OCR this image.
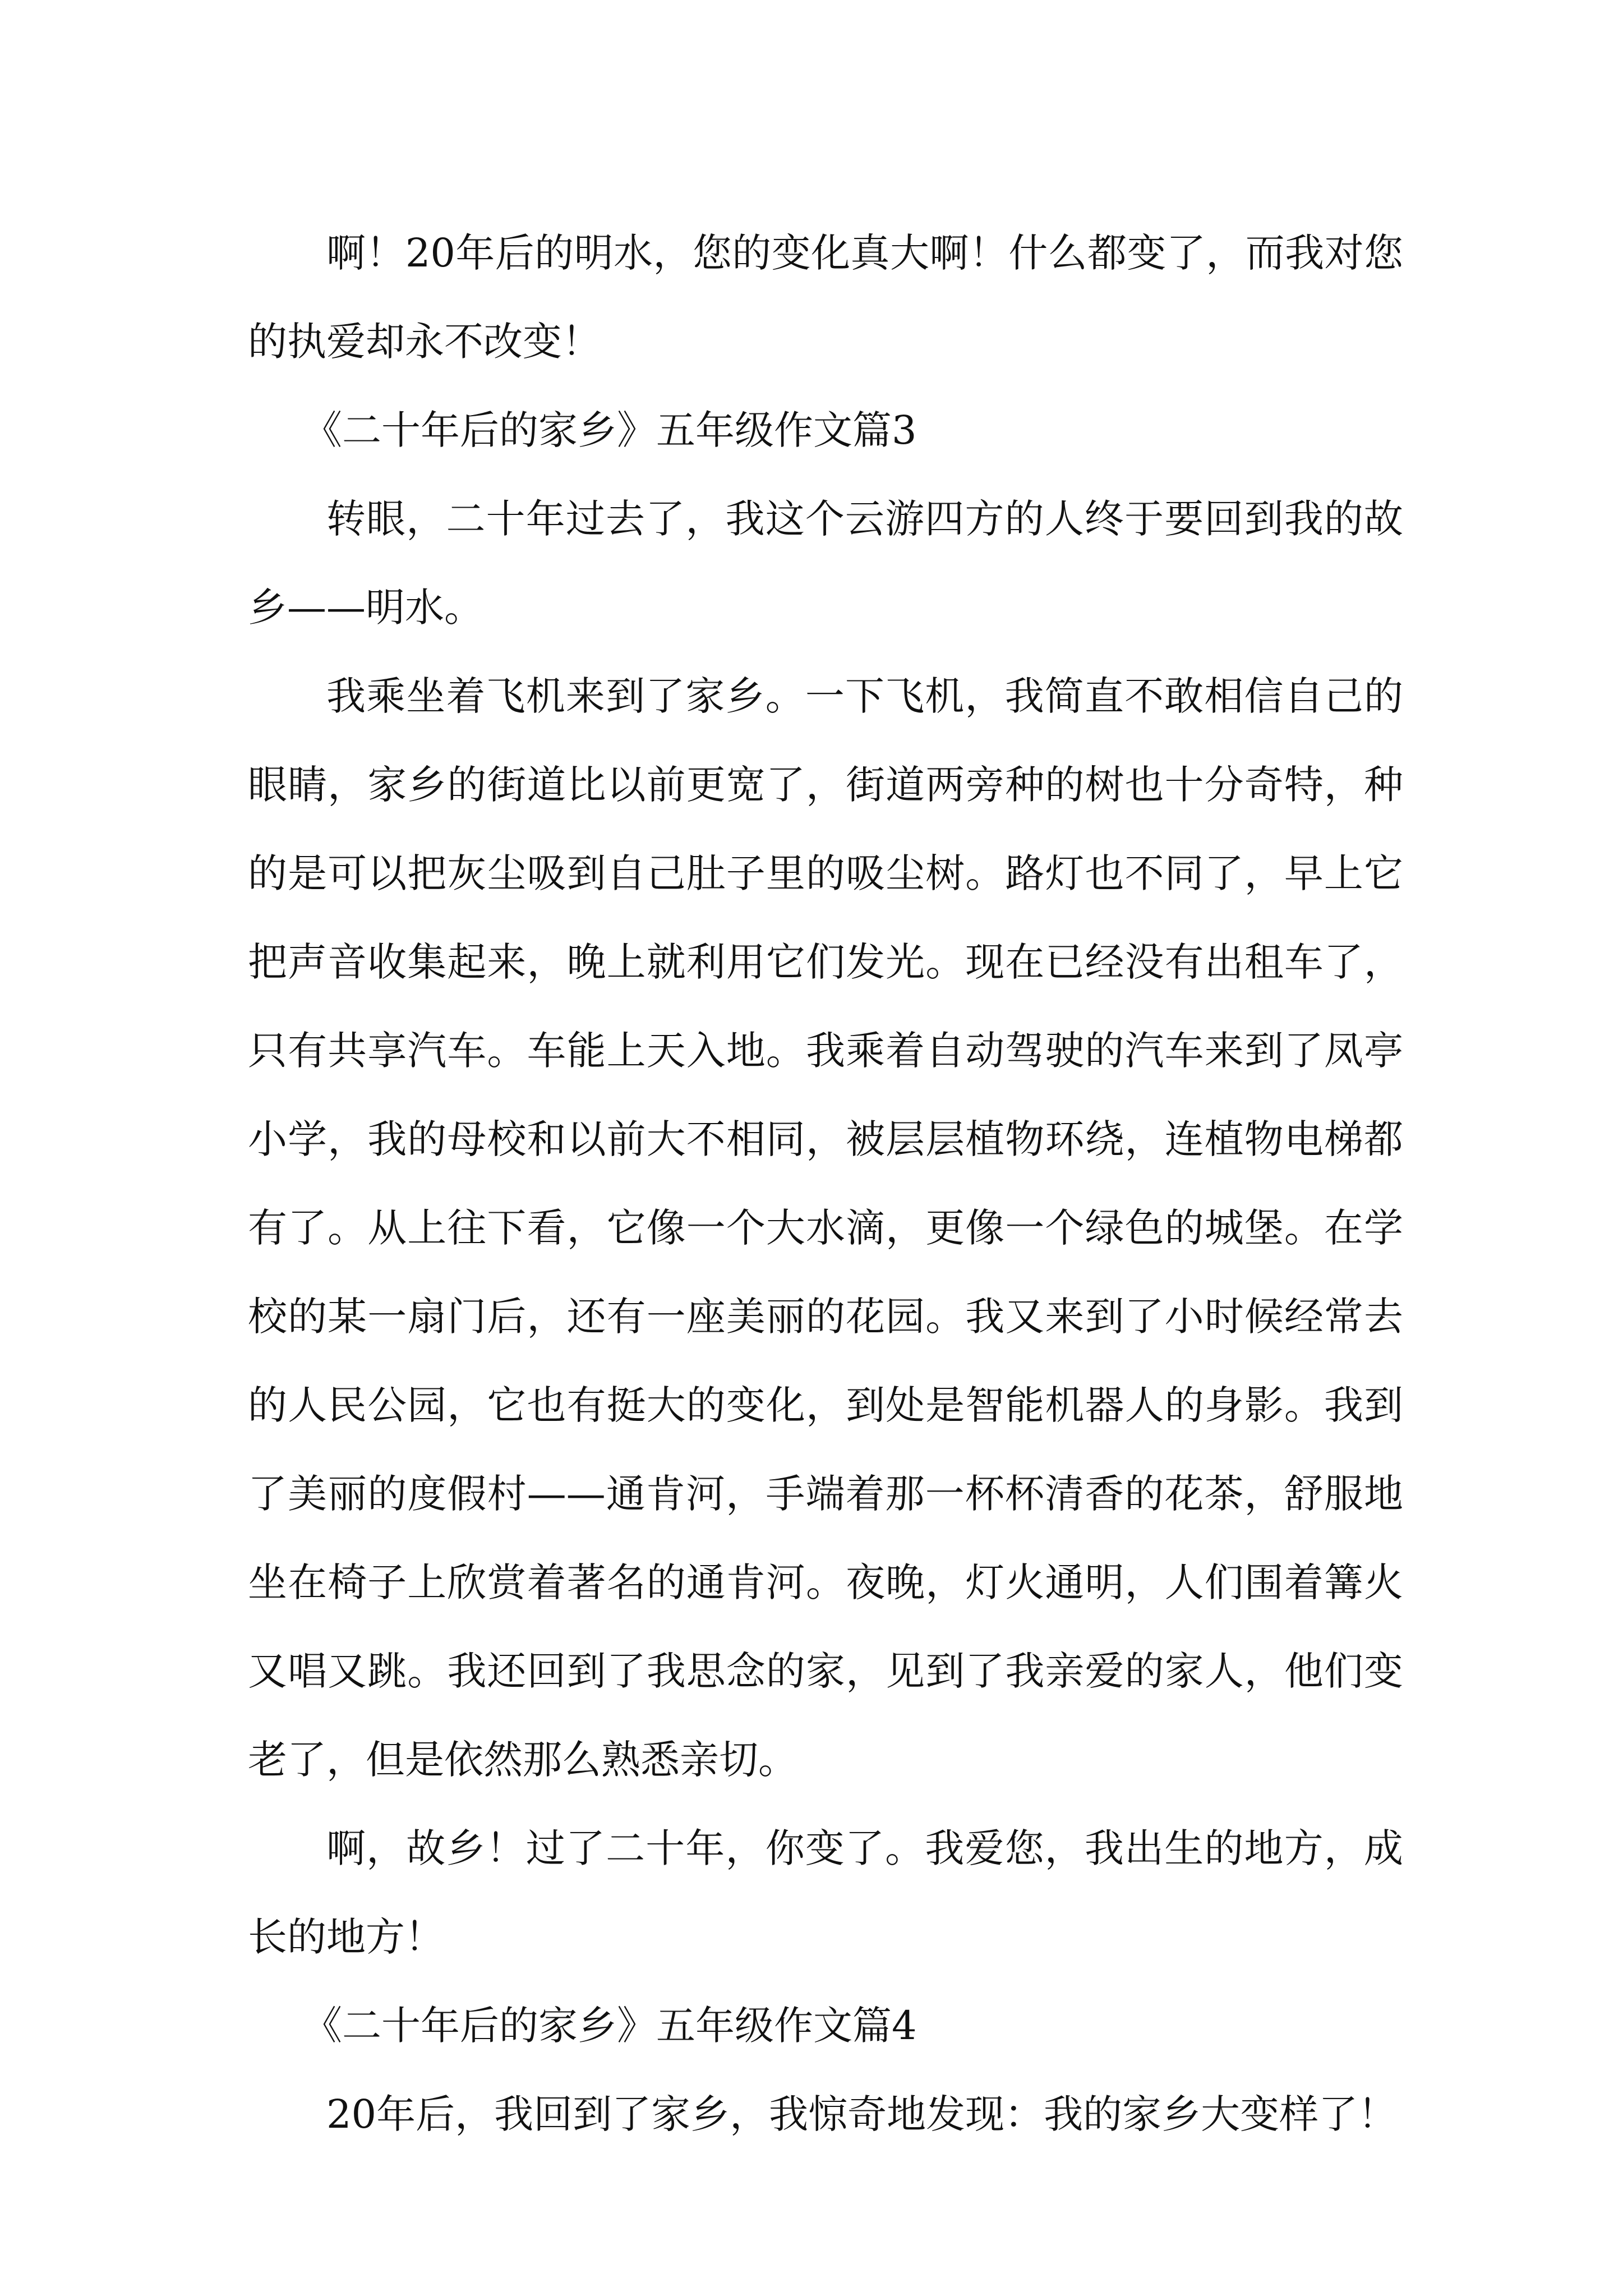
啊！20年后的明水，您的变化真大啊！什么都变了，而我对您的执爱却永不改变！

《二十年后的家乡》五年级作文篇3

转眼，二十年过去了，我这个云游四方的人终于要回到我的故乡——明水。

我乘坐着飞机来到了家乡。一下飞机，我简直不敢相信自己的眼睛，家乡的街道比以前更宽了，街道两旁种的树也十分奇特，种的是可以把灰尘吸到自己肚子里的吸尘树。路灯也不同了，早上它把声音收集起来，晚上就利用它们发光。现在已经没有出租车了，只有共享汽车。车能上天入地。我乘着自动驾驶的汽车来到了凤亭小学，我的母校和以前大不相同，被层层植物环绕，连植物电梯都有了。从上往下看，它像一个大水滴，更像一个绿色的城堡。在学校的某一扇门后，还有一座美丽的花园。我又来到了小时候经常去的人民公园，它也有挺大的变化，到处是智能机器人的身影。我到了美丽的度假村——通肯河，手端着那一杯杯清香的花茶，舒服地坐在椅子上欣赏着著名的通肯河。夜晚，灯火通明，人们围着篝火又唱又跳。我还回到了我思念的家，见到了我亲爱的家人，他们变老了，但是依然那么熟悉亲切。

啊，故乡！过了二十年，你变了。我爱您，我出生的地方，成长的地方！

《二十年后的家乡》五年级作文篇4

20年后，我回到了家乡，我惊奇地发现：我的家乡大变样了！
